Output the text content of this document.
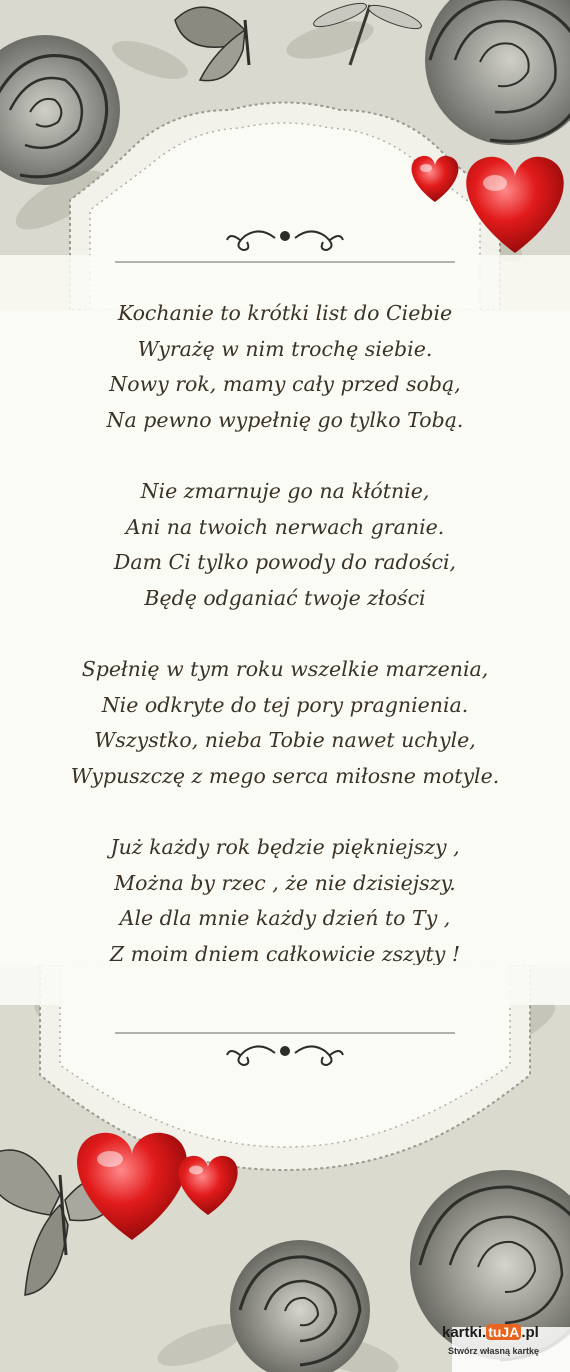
Kochanie to krótki list do Ciebie
Wyrażę w nim trochę siebie.
Nowy rok, mamy cały przed sobą,
Na pewno wypełnię go tylko Tobą.
Nie zmarnuje go na kłótnie,
Ani na twoich nerwach granie.
Dam Ci tylko powody do radości,
Będę odganiać twoje złości
Spełnię w tym roku wszelkie marzenia,
Nie odkryte do tej pory pragnienia.
Wszystko, nieba Tobie nawet uchyle,
Wypuszczę z mego serca miłosne motyle.
Już każdy rok będzie piękniejszy ,
Można by rzec , że nie dzisiejszy.
Ale dla mnie każdy dzień to Ty ,
Z moim dniem całkowicie zszyty !
kartki. tuJA .pl
Stwórz własną kartkę
